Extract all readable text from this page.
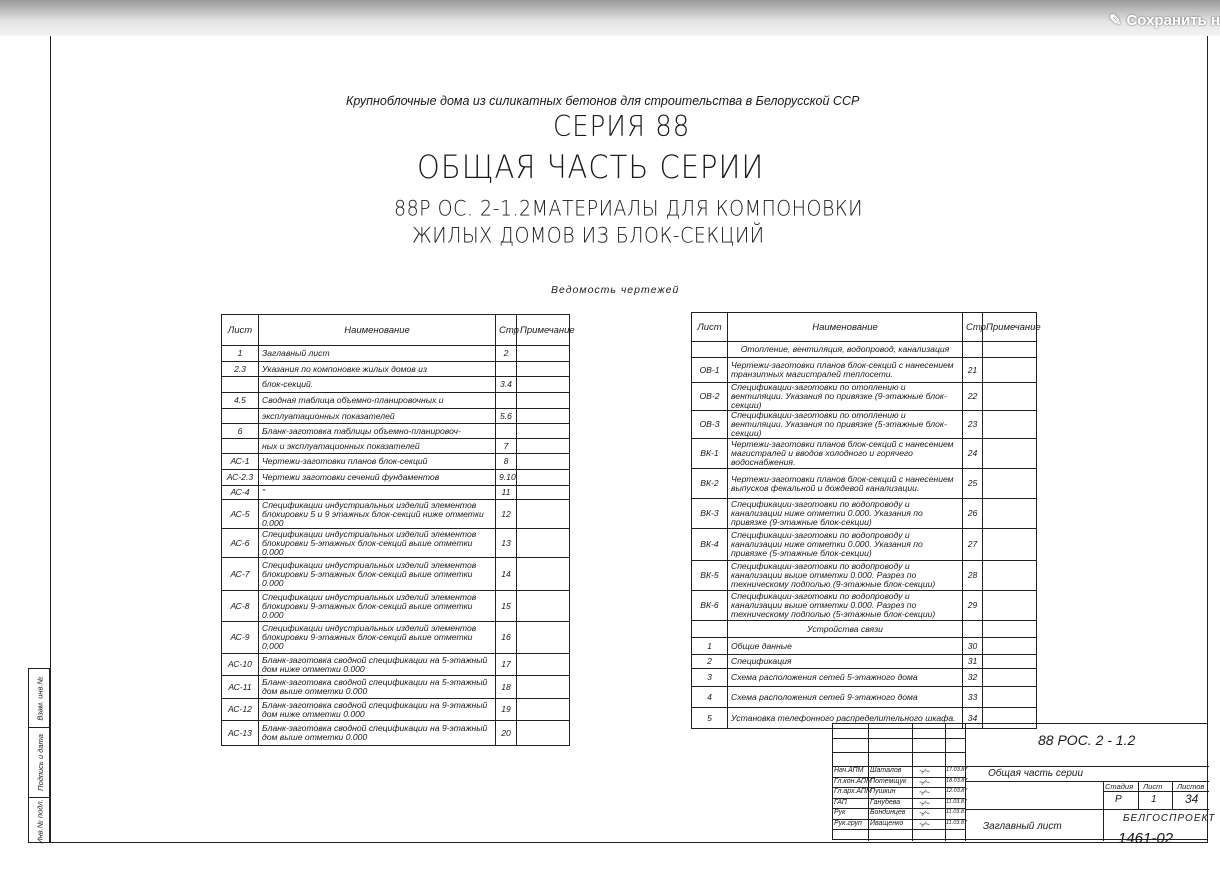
✎ Сохранить н
Крупноблочные дома из силикатных бетонов для строительства в Белорусской ССР
СЕРИЯ 88
ОБЩАЯ ЧАСТЬ СЕРИИ
88Р ОС. 2-1.2МАТЕРИАЛЫ ДЛЯ КОМПОНОВКИ
ЖИЛЫХ ДОМОВ ИЗ БЛОК-СЕКЦИЙ
Ведомость чертежей
Лист	Наименование	Стр	Примечание
1	Заглавный лист	2	
2.3	Указания по компоновке жилых домов из		
	блок-секций.	3.4	
4.5	Сводная таблица объемно-планировочных и		
	эксплуатационных показателей	5.6	
6	Бланк-заготовка таблицы объемно-планировоч-		
	ных и эксплуатационных показателей	7	
АС-1	Чертежи-заготовки планов блок-секций	8	
АС-2.3	Чертежи заготовки сечений фундаментов	9.10	
АС-4	"	11	
АС-5	Спецификации индустриальных изделий элементов блокировки 5 и 9 этажных блок-секций ниже отметки 0.000	12	
АС-6	Спецификации индустриальных изделий элементов блокировки 5-этажных блок-секций выше отметки 0.000	13	
АС-7	Спецификации индустриальных изделий элементов блокировки 5-этажных блок-секций выше отметки 0.000	14	
АС-8	Спецификации индустриальных изделий элементов блокировки 9-этажных блок-секций выше отметки 0.000	15	
АС-9	Спецификации индустриальных изделий элементов блокировки 9-этажных блок-секций выше отметки 0.000	16	
АС-10	Бланк-заготовка сводной спецификации на 5-этажный дом ниже отметки 0.000	17	
АС-11	Бланк-заготовка сводной спецификации на 5-этажный дом выше отметки 0.000	18	
АС-12	Бланк-заготовка сводной спецификации на 9-этажный дом ниже отметки 0.000	19	
АС-13	Бланк-заготовка сводной спецификации на 9-этажный дом выше отметки 0.000	20	
Лист	Наименование	Стр	Примечание
	Отопление, вентиляция, водопровод, канализация		
ОВ-1	Чертежи-заготовки планов блок-секций с нанесением транзитных магистралей теплосети.	21	
ОВ-2	Спецификации-заготовки по отоплению и вентиляции. Указания по привязке (9-этажные блок-секции)	22	
ОВ-3	Спецификации-заготовки по отоплению и вентиляции. Указания по привязке (5-этажные блок-секции)	23	
ВК-1	Чертежи-заготовки планов блок-секций с нанесением магистралей и вводов холодного и горячего водоснабжения.	24	
ВК-2	Чертежи-заготовки планов блок-секций с нанесением выпусков фекальной и дождевой канализации.	25	
ВК-3	Спецификации-заготовки по водопроводу и канализации ниже отметки 0.000. Указания по привязке (9-этажные блок-секции)	26	
ВК-4	Спецификации-заготовки по водопроводу и канализации ниже отметки 0.000. Указания по привязке (5-этажные блок-секции)	27	
ВК-5	Спецификации-заготовки по водопроводу и канализации выше отметки 0.000. Разрез по техническому подполью (9-этажные блок-секции)	28	
ВК-6	Спецификации-заготовки по водопроводу и канализации выше отметки 0.000. Разрез по техническому подполью (5-этажные блок-секции)	29	
	Устройства связи		
1	Общие данные	30	
2	Спецификация	31	
3	Схема расположения сетей 5-этажного дома	32	
4	Схема расположения сетей 9-этажного дома	33	
5	Установка телефонного распределительного шкафа.	34	
Взам. инв.№
Подпись и дата
Инв.№ подл.
88 РОС. 2 - 1.2
Общая часть серии
Стадия Лист Листов
Р	1 34
Заглавный лист
БЕЛГОСПРОЕКТ
Нач.АПМ Шаталов	17.03.87
~∕~
Гл.кон.АПМ
Потемщук	18.03.87
~∕~
Гл.арх.АПМ
Пушкин	12.03.87
~∕~
ГАП	Ганубева	11.03.87
~∕~
Рук	Бондинцев	11.03.87
~∕~
Рук.груп Иващенко	11.03.87
~∕~
1461-02
